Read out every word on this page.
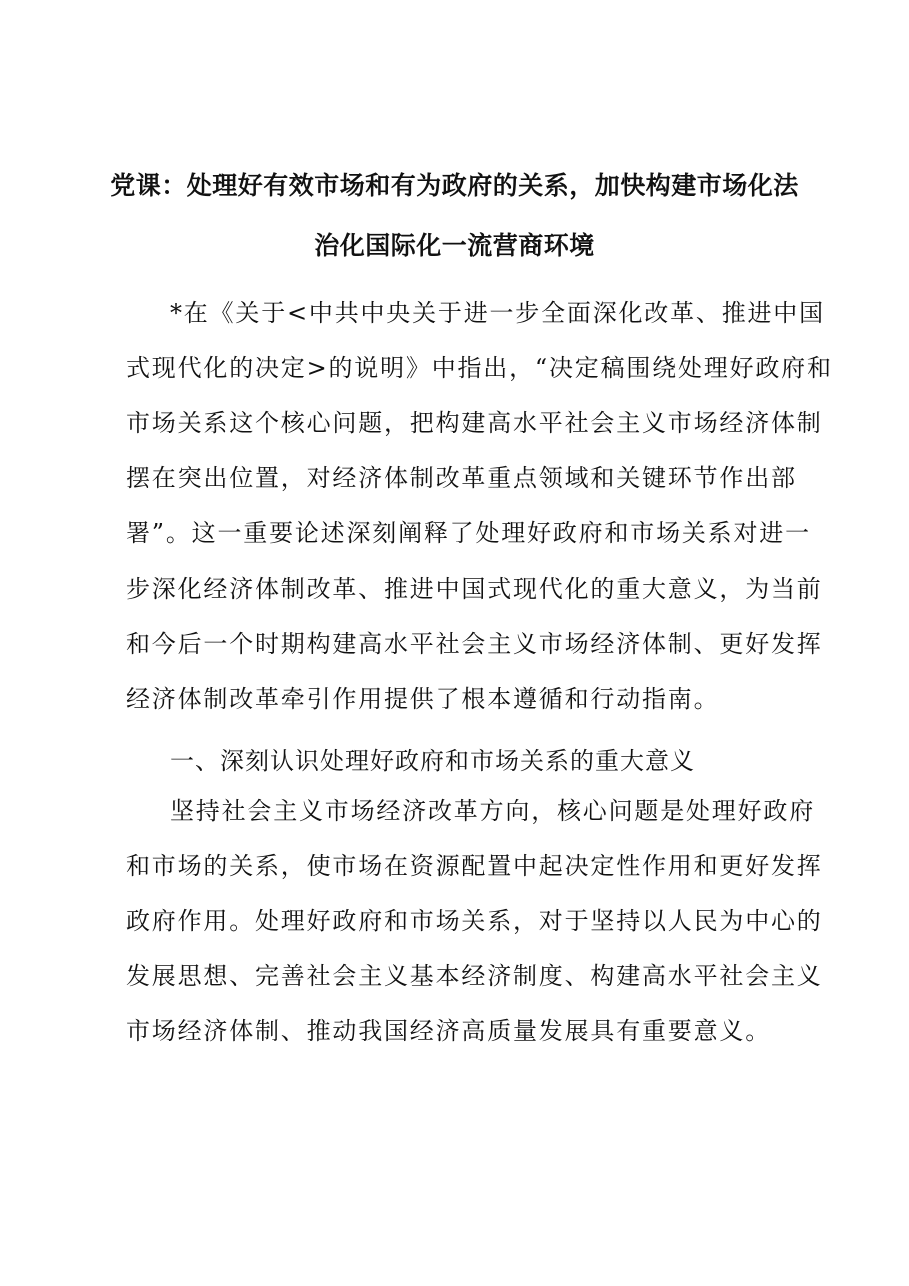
党课：处理好有效市场和有为政府的关系，加快构建市场化法
治化国际化一流营商环境
*在《关于<中共中央关于进一步全面深化改革、推进中国
式现代化的决定>的说明》中指出，“决定稿围绕处理好政府和
市场关系这个核心问题，把构建高水平社会主义市场经济体制
摆在突出位置，对经济体制改革重点领域和关键环节作出部
署”。这一重要论述深刻阐释了处理好政府和市场关系对进一
步深化经济体制改革、推进中国式现代化的重大意义，为当前
和今后一个时期构建高水平社会主义市场经济体制、更好发挥
经济体制改革牵引作用提供了根本遵循和行动指南。
一、深刻认识处理好政府和市场关系的重大意义
坚持社会主义市场经济改革方向，核心问题是处理好政府
和市场的关系，使市场在资源配置中起决定性作用和更好发挥
政府作用。处理好政府和市场关系，对于坚持以人民为中心的
发展思想、完善社会主义基本经济制度、构建高水平社会主义
市场经济体制、推动我国经济高质量发展具有重要意义。
